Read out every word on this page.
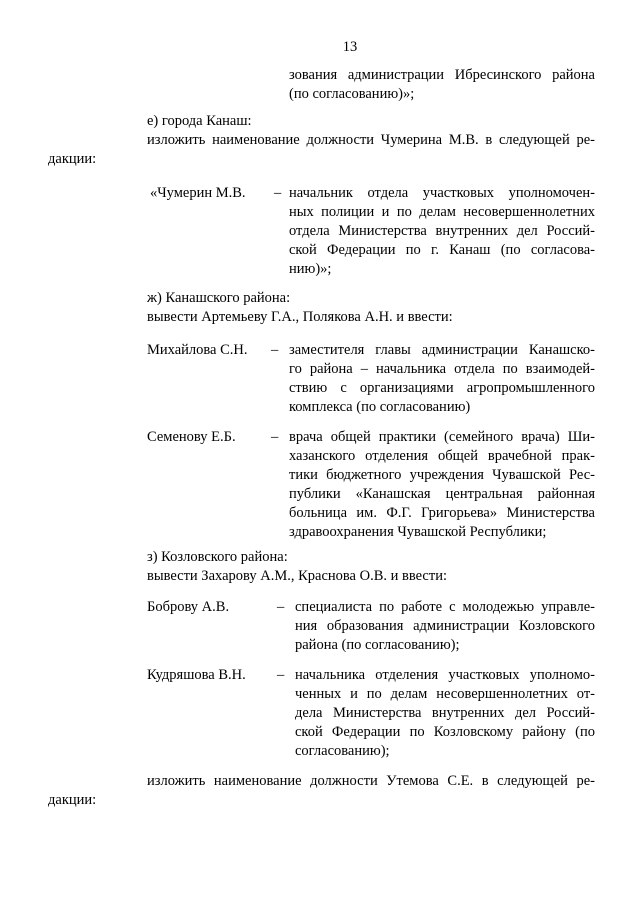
13
зования администрации Ибресинского района
(по согласованию)»;
е) города Канаш:
изложить наименование должности Чумерина М.В. в следующей ре-
дакции:
«Чумерин М.В. – начальник отдела участковых уполномочен-
ных полиции и по делам несовершеннолетних
отдела Министерства внутренних дел Россий-
ской Федерации по г. Канаш (по согласова-
нию)»;
ж) Канашского района:
вывести Артемьеву Г.А., Полякова А.Н. и ввести:
Михайлова С.Н. – заместителя главы администрации Канашско-
го района – начальника отдела по взаимодей-
ствию с организациями агропромышленного
комплекса (по согласованию)
Семенову Е.Б. – врача общей практики (семейного врача) Ши-
хазанского отделения общей врачебной прак-
тики бюджетного учреждения Чувашской Рес-
публики «Канашская центральная районная
больница им. Ф.Г. Григорьева» Министерства
здравоохранения Чувашской Республики;
з) Козловского района:
вывести Захарову А.М., Краснова О.В. и ввести:
Боброву А.В.	– специалиста по работе с молодежью управле-
ния образования администрации Козловского
района (по согласованию);
Кудряшова В.Н. – начальника отделения участковых уполномо-
ченных и по делам несовершеннолетних от-
дела Министерства внутренних дел Россий-
ской Федерации по Козловскому району (по
согласованию);
изложить наименование должности Утемова С.Е. в следующей ре-
дакции:
